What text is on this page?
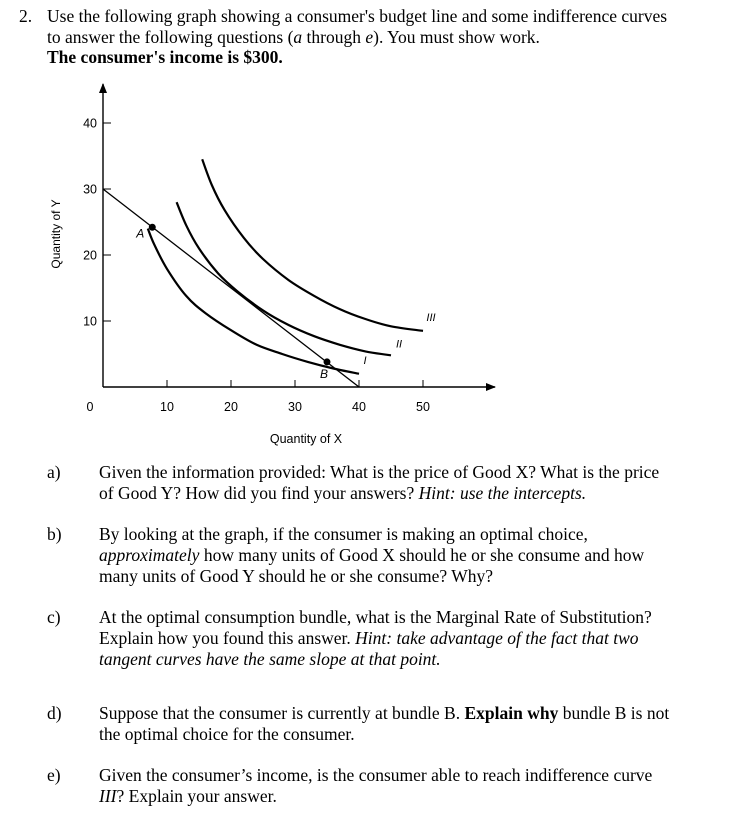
2. Use the following graph showing a consumer's budget line and some indifference curves
to answer the following questions (a through e). You must show work.
The consumer's income is $300.
10
20
30
40
0	10	20	30	40	50
I
II
III
A
B
Quantity of Y
Quantity of X
a) Given the information provided: What is the price of Good X? What is the price
of Good Y? How did you find your answers? Hint: use the intercepts.
b) By looking at the graph, if the consumer is making an optimal choice,
approximately how many units of Good X should he or she consume and how
many units of Good Y should he or she consume? Why?
c) At the optimal consumption bundle, what is the Marginal Rate of Substitution?
Explain how you found this answer. Hint: take advantage of the fact that two
tangent curves have the same slope at that point.
d) Suppose that the consumer is currently at bundle B. Explain why bundle B is not
the optimal choice for the consumer.
e) Given the consumer’s income, is the consumer able to reach indifference curve
III? Explain your answer.
